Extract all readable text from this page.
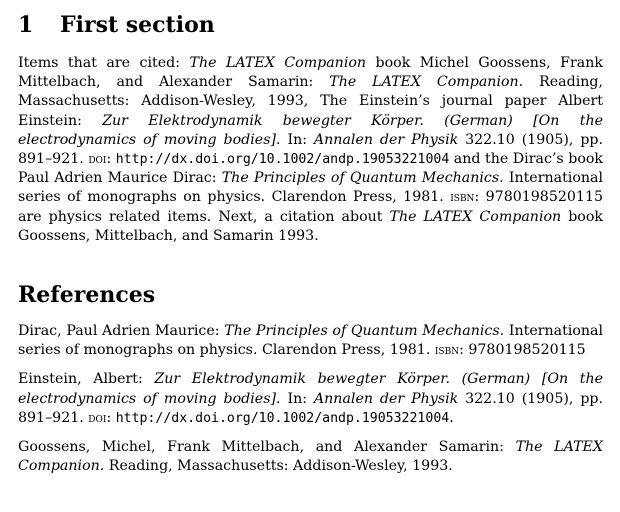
1 First section

Items that are cited: The LATEX Companion book Michel Goossens, Frank Mittelbach, and Alexander Samarin: The LATEX Companion. Reading, Massachusetts: Addison-Wesley, 1993, The Einstein’s journal paper Albert Einstein: Zur Elektrodynamik bewegter Körper. (German) [On the electrodynamics of moving bodies]. In: Annalen der Physik 322.10 (1905), pp. 891–921. doi: http://dx.doi.org/10.1002/andp.19053221004 and the Dirac’s book Paul Adrien Maurice Dirac: The Principles of Quantum Mechanics. International series of monographs on physics. Clarendon Press, 1981. isbn: 9780198520115 are physics related items. Next, a citation about The LATEX Companion book Goossens, Mittelbach, and Samarin 1993.

References

Dirac, Paul Adrien Maurice: The Principles of Quantum Mechanics. International series of monographs on physics. Clarendon Press, 1981. isbn: 9780198520115

Einstein, Albert: Zur Elektrodynamik bewegter Körper. (German) [On the electrodynamics of moving bodies]. In: Annalen der Physik 322.10 (1905), pp. 891–921. doi: http://dx.doi.org/10.1002/andp.19053221004.

Goossens, Michel, Frank Mittelbach, and Alexander Samarin: The LATEX Companion. Reading, Massachusetts: Addison-Wesley, 1993.
